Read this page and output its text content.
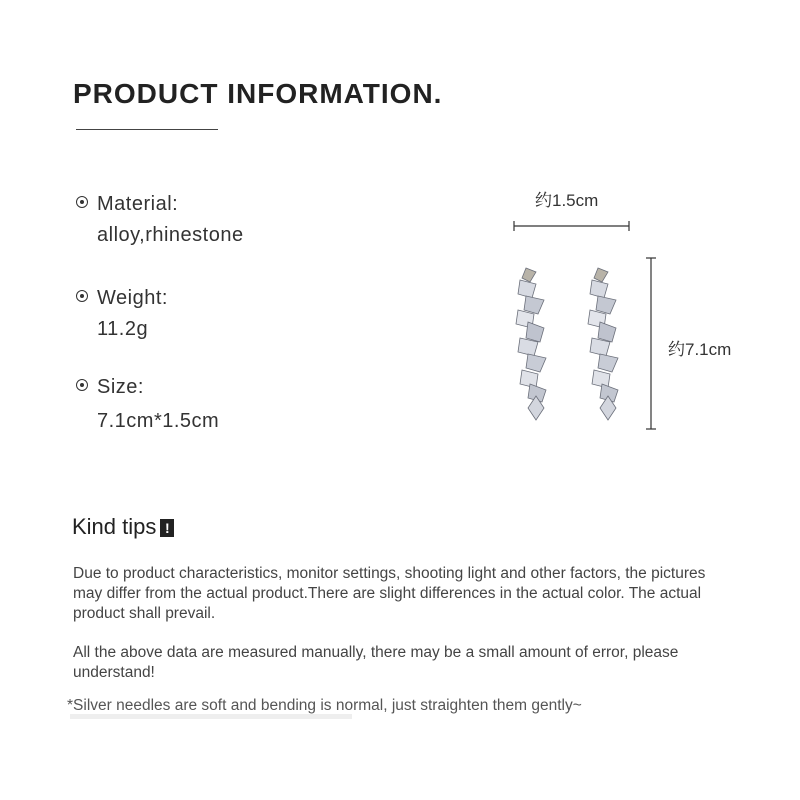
PRODUCT INFORMATION.
Material:
alloy,rhinestone
Weight:
11.2g
Size:
7.1cm*1.5cm
约1.5cm
约7.1cm
Kind tips !

Due to product characteristics, monitor settings, shooting light and other factors, the pictures may differ from the actual product.There are slight differences in the actual color. The actual product shall prevail.

All the above data are measured manually, there may be a small amount of error, please understand!

*Silver needles are soft and bending is normal, just straighten them gently~
